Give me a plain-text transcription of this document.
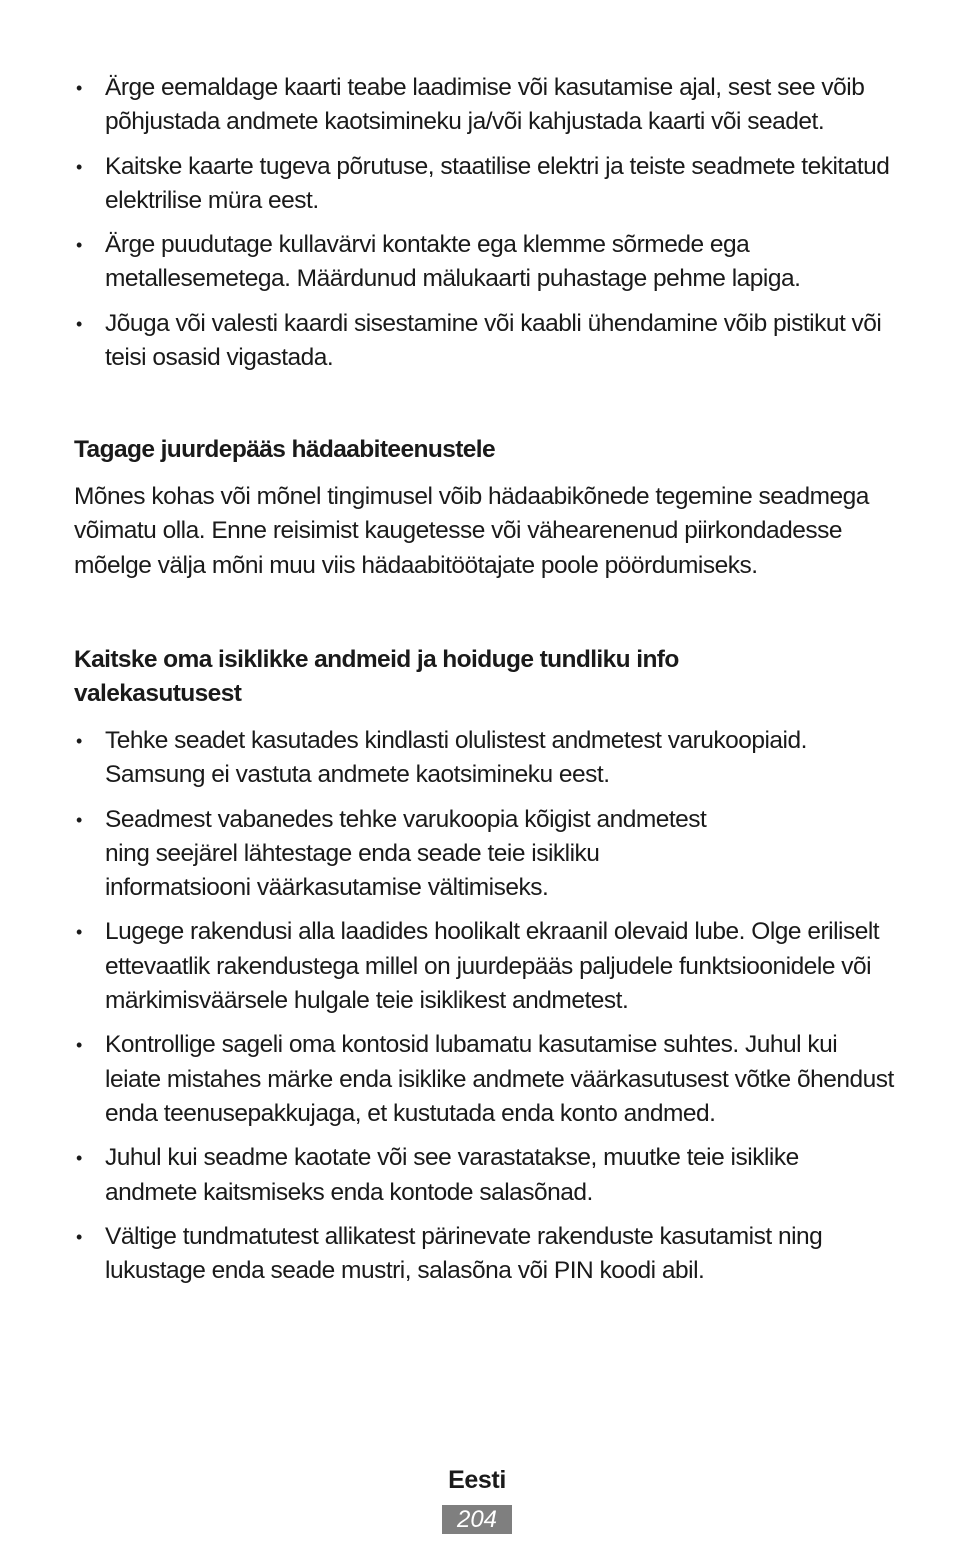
• Ärge eemaldage kaarti teabe laadimise või kasutamise ajal, sest see võib põhjustada andmete kaotsimineku ja/või kahjustada kaarti või seadet.
• Kaitske kaarte tugeva põrutuse, staatilise elektri ja teiste seadmete tekitatud elektrilise müra eest.
• Ärge puudutage kullavärvi kontakte ega klemme sõrmede ega metallesemetega. Määrdunud mälukaarti puhastage pehme lapiga.
• Jõuga või valesti kaardi sisestamine või kaabli ühendamine võib pistikut või teisi osasid vigastada.
Tagage juurdepääs hädaabiteenustele

Mõnes kohas või mõnel tingimusel võib hädaabikõnede tegemine seadmega võimatu olla. Enne reisimist kaugetesse või vähearenenud piirkondadesse mõelge välja mõni muu viis hädaabitöötajate poole pöördumiseks.

Kaitske oma isiklikke andmeid ja hoiduge tundliku info valekasutusest
• Tehke seadet kasutades kindlasti olulistest andmetest varukoopiaid. Samsung ei vastuta andmete kaotsimineku eest.
• Seadmest vabanedes tehke varukoopia kõigist andmetest ning seejärel lähtestage enda seade teie isikliku informatsiooni väärkasutamise vältimiseks.
• Lugege rakendusi alla laadides hoolikalt ekraanil olevaid lube. Olge eriliselt ettevaatlik rakendustega millel on juurdepääs paljudele funktsioonidele või märkimisväärsele hulgale teie isiklikest andmetest.
• Kontrollige sageli oma kontosid lubamatu kasutamise suhtes. Juhul kui leiate mistahes märke enda isiklike andmete väärkasutusest võtke õhendust enda teenusepakkujaga, et kustutada enda konto andmed.
• Juhul kui seadme kaotate või see varastatakse, muutke teie isiklike andmete kaitsmiseks enda kontode salasõnad.
• Vältige tundmatutest allikatest pärinevate rakenduste kasutamist ning lukustage enda seade mustri, salasõna või PIN koodi abil.
Eesti
204
